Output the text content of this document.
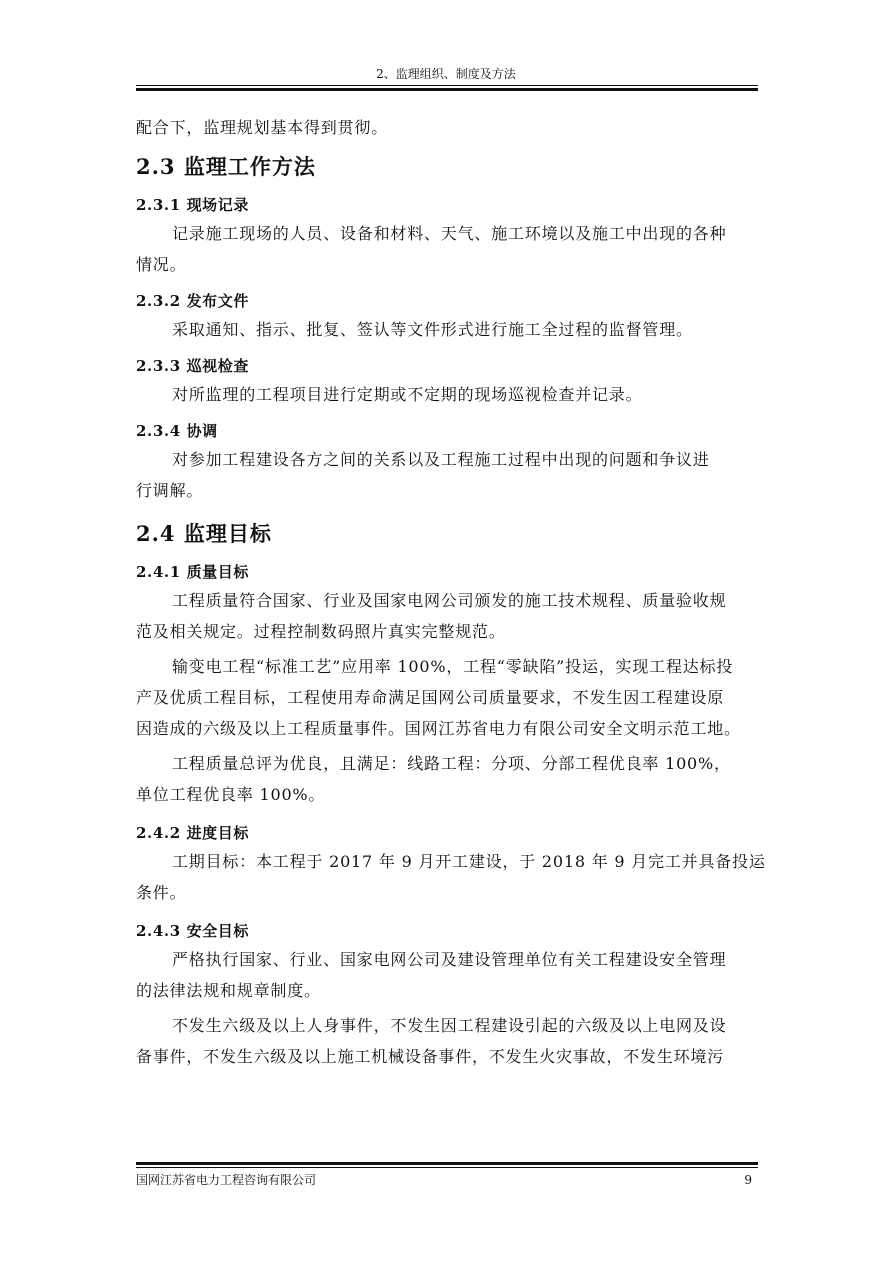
2、监理组织、制度及方法

配合下，监理规划基本得到贯彻。

2.3 监理工作方法

2.3.1 现场记录

记录施工现场的人员、设备和材料、天气、施工环境以及施工中出现的各种

情况。

2.3.2 发布文件

采取通知、指示、批复、签认等文件形式进行施工全过程的监督管理。

2.3.3 巡视检查

对所监理的工程项目进行定期或不定期的现场巡视检查并记录。

2.3.4 协调

对参加工程建设各方之间的关系以及工程施工过程中出现的问题和争议进

行调解。

2.4 监理目标

2.4.1 质量目标

工程质量符合国家、行业及国家电网公司颁发的施工技术规程、质量验收规

范及相关规定。过程控制数码照片真实完整规范。

输变电工程“标准工艺”应用率 100%，工程“零缺陷”投运，实现工程达标投

产及优质工程目标，工程使用寿命满足国网公司质量要求，不发生因工程建设原

因造成的六级及以上工程质量事件。国网江苏省电力有限公司安全文明示范工地。

工程质量总评为优良，且满足：线路工程：分项、分部工程优良率 100%，

单位工程优良率 100%。

2.4.2 进度目标

工期目标：本工程于 2017 年 9 月开工建设，于 2018 年 9 月完工并具备投运

条件。

2.4.3 安全目标

严格执行国家、行业、国家电网公司及建设管理单位有关工程建设安全管理

的法律法规和规章制度。

不发生六级及以上人身事件，不发生因工程建设引起的六级及以上电网及设

备事件，不发生六级及以上施工机械设备事件，不发生火灾事故，不发生环境污

国网江苏省电力工程咨询有限公司	9
